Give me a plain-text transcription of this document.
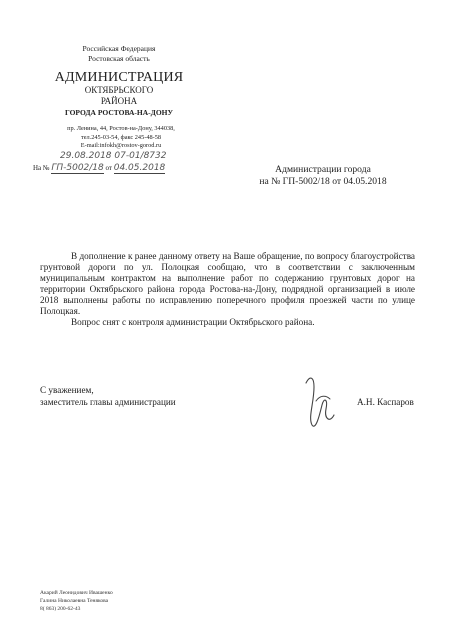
Российская Федерация
Ростовская область
АДМИНИСТРАЦИЯ
ОКТЯБРЬСКОГО
РАЙОНА
ГОРОДА РОСТОВА-НА-ДОНУ
пр. Ленина, 44, Ростов-на-Дону, 344038,
тел.245-03-54, факс 245-48-58
E-mail:infokh@rostov-gorod.ru
29.08.2018 07-01/8732
На № ГП-5002/18 от 04.05.2018	Администрации города
на № ГП-5002/18 от 04.05.2018

В дополнение к ранее данному ответу на Ваше обращение, по вопросу благоустройства грунтовой дороги по ул. Полоцкая сообщаю, что в соответствии с заключенным муниципальным контрактом на выполнение работ по содержанию грунтовых дорог на территории Октябрьского района города Ростова-на-Дону, подрядной организацией в июле 2018 выполнены работы по исправлению поперечного профиля проезжей части по улице Полоцкая.

Вопрос снят с контроля администрации Октябрьского района.

С уважением,
заместитель главы администрации	А.Н. Каспаров
Акарий Леонидович Ивашенко
Галина Николаевна Тенякова
8( 863) 200-62-43
